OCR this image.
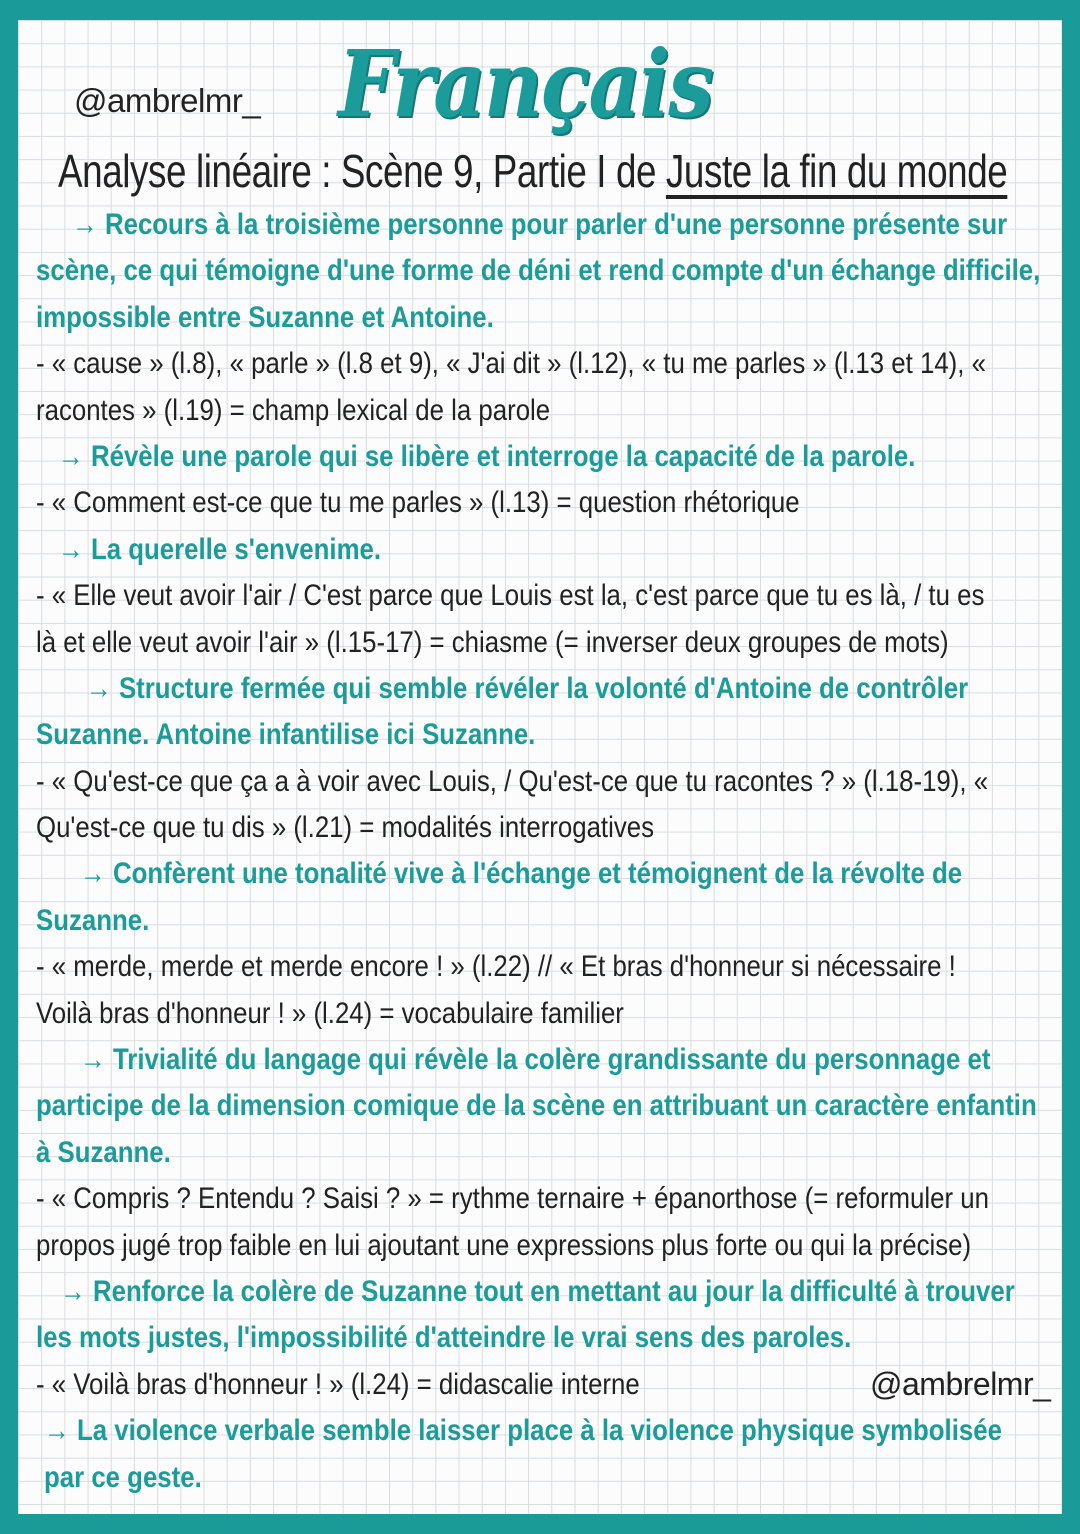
@ambrelmr_ Français
Analyse linéaire : Scène 9, Partie I de Juste la fin du monde
→ Recours à la troisième personne pour parler d'une personne présente sur
scène, ce qui témoigne d'une forme de déni et rend compte d'un échange difficile,
impossible entre Suzanne et Antoine.
- « cause » (l.8), « parle » (l.8 et 9), « J'ai dit » (l.12), « tu me parles » (l.13 et 14), «
racontes » (l.19) = champ lexical de la parole
→ Révèle une parole qui se libère et interroge la capacité de la parole.
- « Comment est-ce que tu me parles » (l.13) = question rhétorique
→ La querelle s'envenime.
- « Elle veut avoir l'air / C'est parce que Louis est la, c'est parce que tu es là, / tu es
là et elle veut avoir l'air » (l.15-17) = chiasme (= inverser deux groupes de mots)
→ Structure fermée qui semble révéler la volonté d'Antoine de contrôler
Suzanne. Antoine infantilise ici Suzanne.
- « Qu'est-ce que ça a à voir avec Louis, / Qu'est-ce que tu racontes ? » (l.18-19), «
Qu'est-ce que tu dis » (l.21) = modalités interrogatives
→ Confèrent une tonalité vive à l'échange et témoignent de la révolte de
Suzanne.
- « merde, merde et merde encore ! » (l.22) // « Et bras d'honneur si nécessaire !
Voilà bras d'honneur ! » (l.24) = vocabulaire familier
→ Trivialité du langage qui révèle la colère grandissante du personnage et
participe de la dimension comique de la scène en attribuant un caractère enfantin
à Suzanne.
- « Compris ? Entendu ? Saisi ? » = rythme ternaire + épanorthose (= reformuler un
propos jugé trop faible en lui ajoutant une expressions plus forte ou qui la précise)
→ Renforce la colère de Suzanne tout en mettant au jour la difficulté à trouver
les mots justes, l'impossibilité d'atteindre le vrai sens des paroles.
- « Voilà bras d'honneur ! » (l.24) = didascalie interne
→ La violence verbale semble laisser place à la violence physique symbolisée
par ce geste.
@ambrelmr_
